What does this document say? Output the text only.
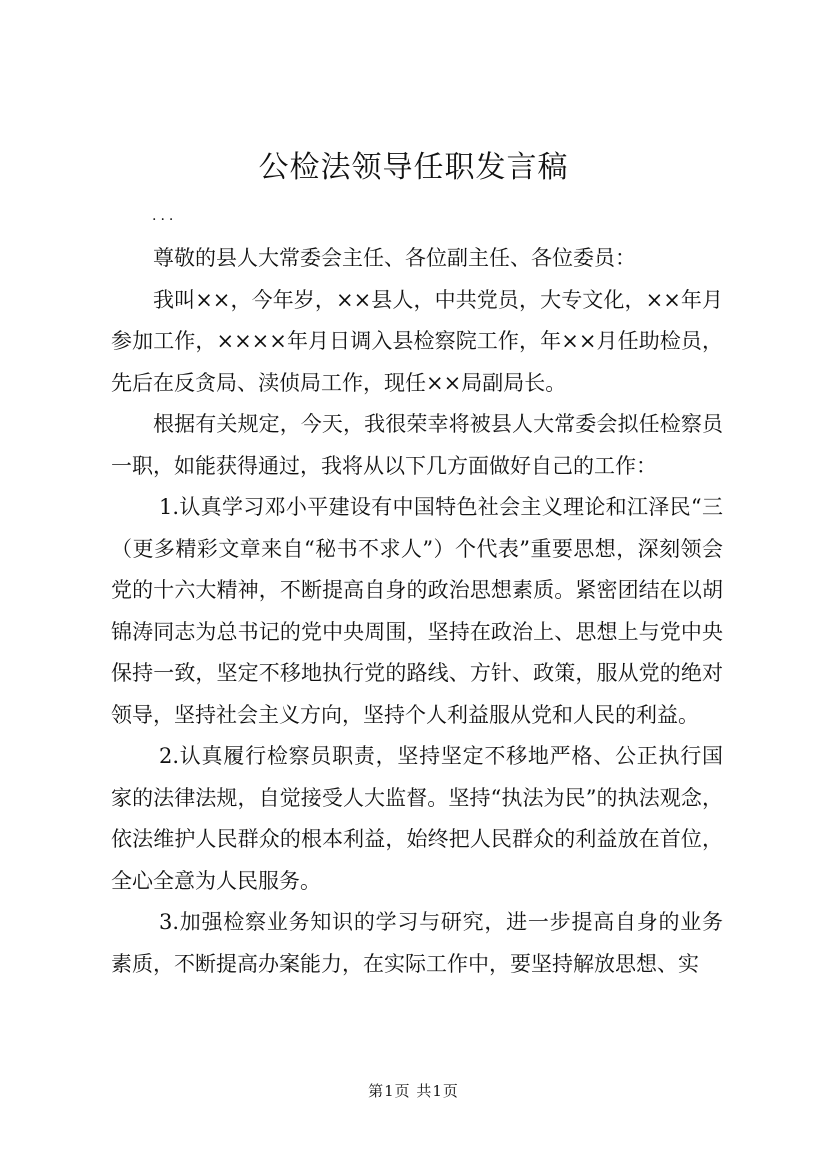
公检法领导任职发言稿
...

尊敬的县人大常委会主任、各位副主任、各位委员：

我叫××，今年岁，××县人，中共党员，大专文化，××年月参加工作，××××年月日调入县检察院工作，年××月任助检员，先后在反贪局、渎侦局工作，现任××局副局长。

根据有关规定，今天，我很荣幸将被县人大常委会拟任检察员一职，如能获得通过，我将从以下几方面做好自己的工作：

1.认真学习邓小平建设有中国特色社会主义理论和江泽民“三（更多精彩文章来自“秘书不求人”）个代表”重要思想，深刻领会党的十六大精神，不断提高自身的政治思想素质。紧密团结在以胡锦涛同志为总书记的党中央周围，坚持在政治上、思想上与党中央保持一致，坚定不移地执行党的路线、方针、政策，服从党的绝对领导，坚持社会主义方向，坚持个人利益服从党和人民的利益。

2.认真履行检察员职责，坚持坚定不移地严格、公正执行国家的法律法规，自觉接受人大监督。坚持“执法为民”的执法观念，依法维护人民群众的根本利益，始终把人民群众的利益放在首位，全心全意为人民服务。

3.加强检察业务知识的学习与研究，进一步提高自身的业务素质，不断提高办案能力，在实际工作中，要坚持解放思想、实

第1页 共1页
